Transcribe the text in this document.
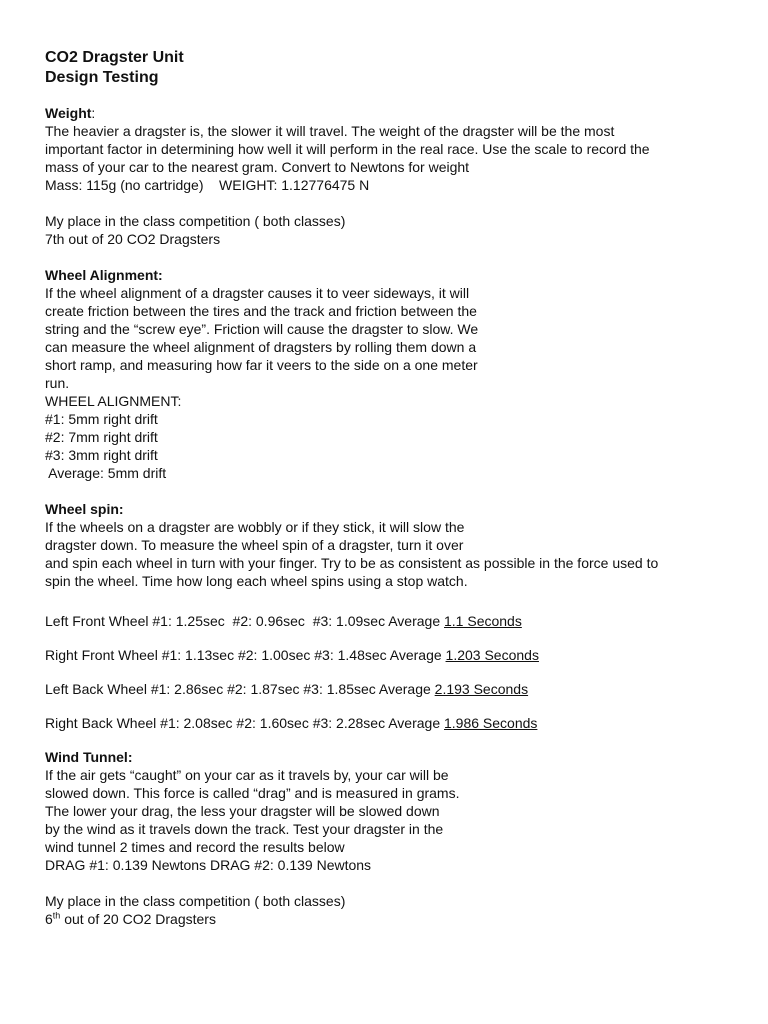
CO2 Dragster Unit

Design Testing

Weight:

The heavier a dragster is, the slower it will travel. The weight of the dragster will be the most

important factor in determining how well it will perform in the real race. Use the scale to record the

mass of your car to the nearest gram. Convert to Newtons for weight

Mass: 115g (no cartridge)    WEIGHT: 1.12776475 N

My place in the class competition ( both classes)

7th out of 20 CO2 Dragsters

Wheel Alignment:

If the wheel alignment of a dragster causes it to veer sideways, it will

create friction between the tires and the track and friction between the

string and the “screw eye”. Friction will cause the dragster to slow. We

can measure the wheel alignment of dragsters by rolling them down a

short ramp, and measuring how far it veers to the side on a one meter

run.

WHEEL ALIGNMENT:

#1: 5mm right drift

#2: 7mm right drift

#3: 3mm right drift

Average: 5mm drift

Wheel spin:

If the wheels on a dragster are wobbly or if they stick, it will slow the

dragster down. To measure the wheel spin of a dragster, turn it over

and spin each wheel in turn with your finger. Try to be as consistent as possible in the force used to

spin the wheel. Time how long each wheel spins using a stop watch.

Left Front Wheel #1: 1.25sec  #2: 0.96sec  #3: 1.09sec Average 1.1 Seconds

Right Front Wheel #1: 1.13sec #2: 1.00sec #3: 1.48sec Average 1.203 Seconds

Left Back Wheel #1: 2.86sec #2: 1.87sec #3: 1.85sec Average 2.193 Seconds

Right Back Wheel #1: 2.08sec #2: 1.60sec #3: 2.28sec Average 1.986 Seconds

Wind Tunnel:

If the air gets “caught” on your car as it travels by, your car will be

slowed down. This force is called “drag” and is measured in grams.

The lower your drag, the less your dragster will be slowed down

by the wind as it travels down the track. Test your dragster in the

wind tunnel 2 times and record the results below

DRAG #1: 0.139 Newtons DRAG #2: 0.139 Newtons

My place in the class competition ( both classes)

6th out of 20 CO2 Dragsters
